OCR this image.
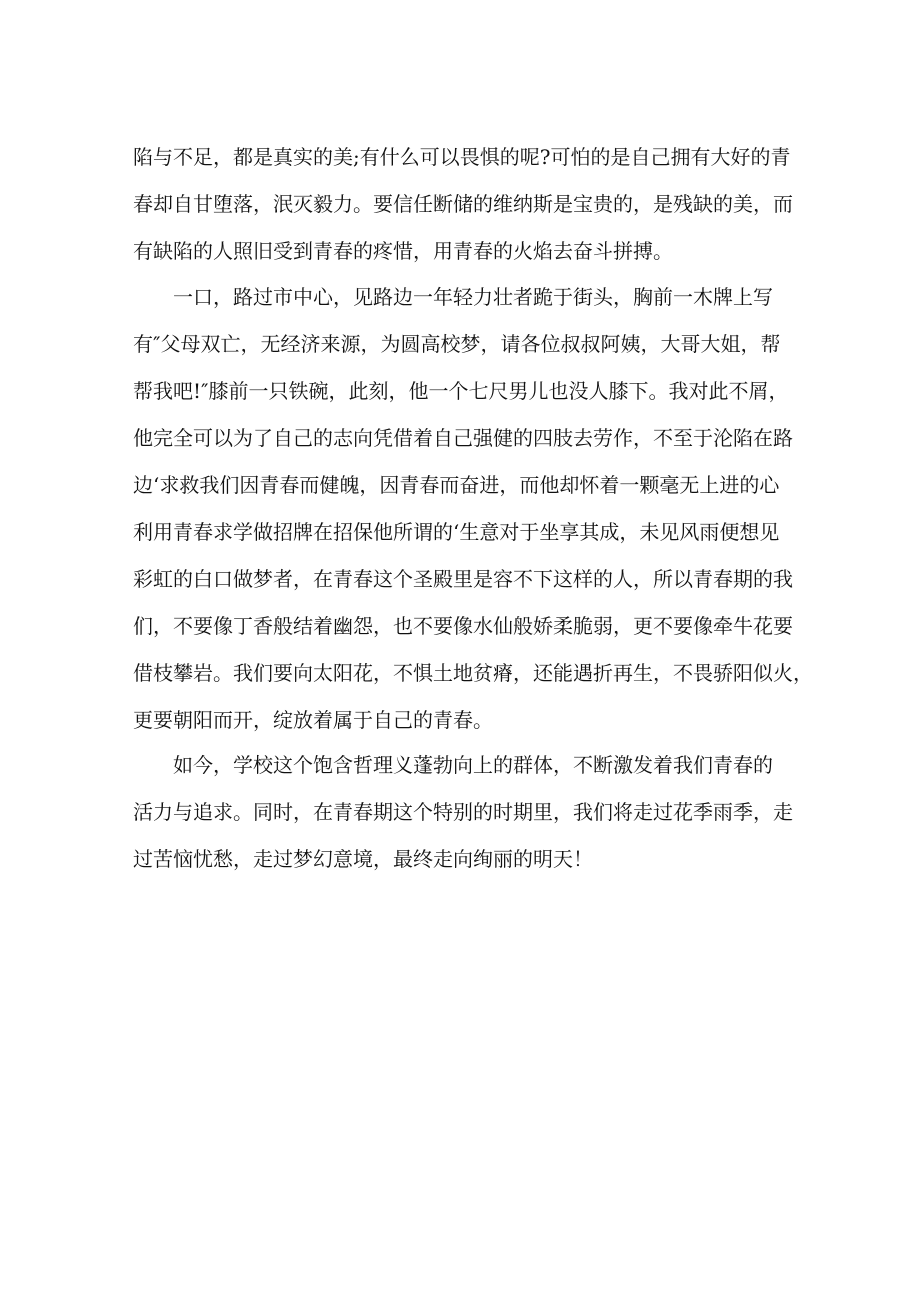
陷与不足，都是真实的美;有什么可以畏惧的呢?可怕的是自己拥有大好的青
春却自甘堕落，泯灭毅力。要信任断储的维纳斯是宝贵的，是残缺的美，而
有缺陷的人照旧受到青春的疼惜，用青春的火焰去奋斗拼搏。
一口，路过市中心，见路边一年轻力壮者跪于街头，胸前一木牌上写
有″父母双亡，无经济来源，为圆高校梦，请各位叔叔阿姨，大哥大姐，帮
帮我吧!″膝前一只铁碗，此刻，他一个七尺男儿也没人膝下。我对此不屑，
他完全可以为了自己的志向凭借着自己强健的四肢去劳作，不至于沦陷在路
边‘求救我们因青春而健魄，因青春而奋进，而他却怀着一颗毫无上进的心
利用青春求学做招牌在招保他所谓的‘生意对于坐享其成，未见风雨便想见
彩虹的白口做梦者，在青春这个圣殿里是容不下这样的人，所以青春期的我
们，不要像丁香般结着幽怨，也不要像水仙般娇柔脆弱，更不要像牵牛花要
借枝攀岩。我们要向太阳花，不惧土地贫瘠，还能遇折再生，不畏骄阳似火，
更要朝阳而开，绽放着属于自己的青春。
如今，学校这个饱含哲理义蓬勃向上的群体，不断激发着我们青春的
活力与追求。同时，在青春期这个特别的时期里，我们将走过花季雨季，走
过苦恼忧愁，走过梦幻意境，最终走向绚丽的明天！
